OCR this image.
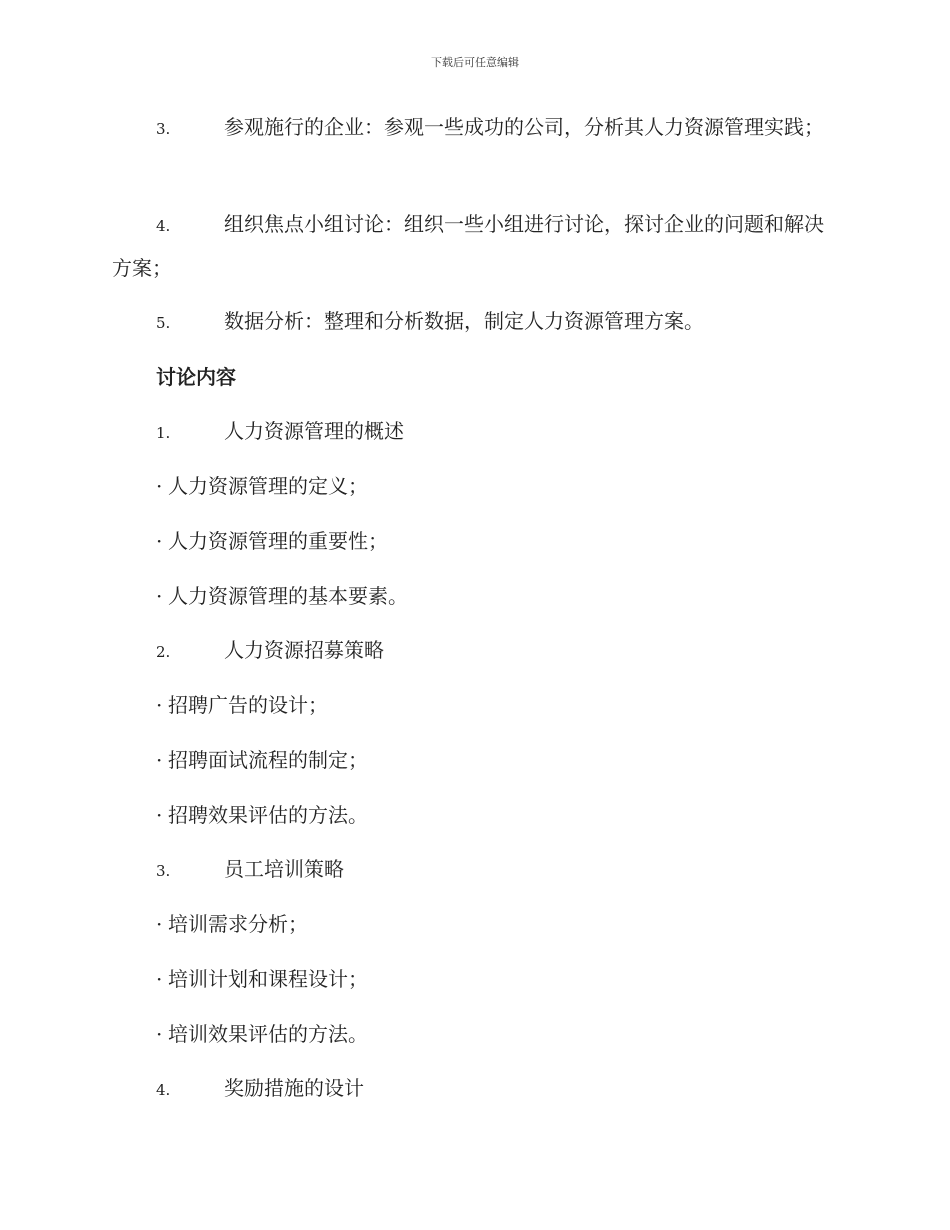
下载后可任意编辑

3.	参观施行的企业：参观一些成功的公司，分析其人力资源管理实践；

4.	组织焦点小组讨论：组织一些小组进行讨论，探讨企业的问题和解决方案；

5.	数据分析：整理和分析数据，制定人力资源管理方案。

讨论内容

1.	人力资源管理的概述

· 人力资源管理的定义；

· 人力资源管理的重要性；

· 人力资源管理的基本要素。

2.	人力资源招募策略

· 招聘广告的设计；

· 招聘面试流程的制定；

· 招聘效果评估的方法。

3.	员工培训策略

· 培训需求分析；

· 培训计划和课程设计；

· 培训效果评估的方法。

4.	奖励措施的设计
